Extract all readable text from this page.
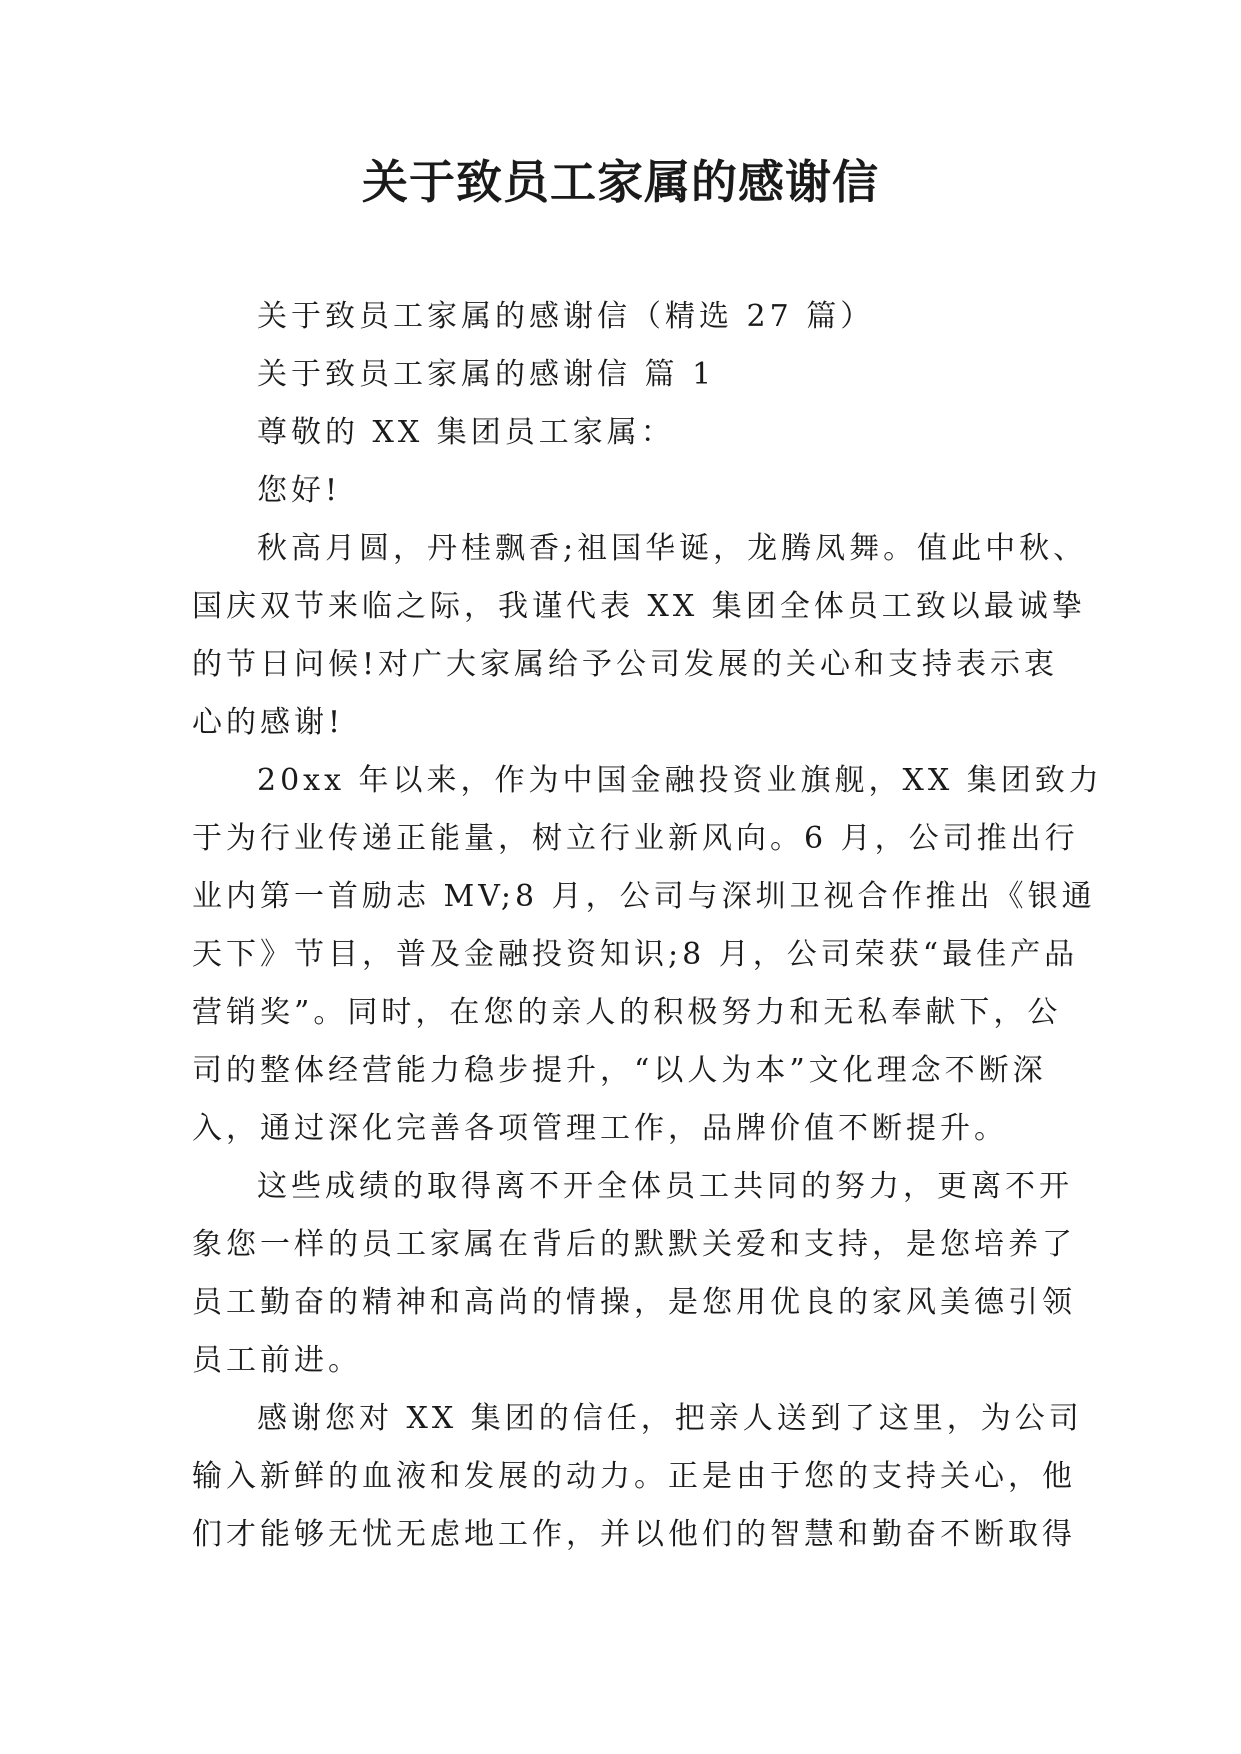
关于致员工家属的感谢信

关于致员工家属的感谢信（精选 27 篇）

关于致员工家属的感谢信 篇 1

尊敬的 XX 集团员工家属：

您好!

秋高月圆，丹桂飘香;祖国华诞，龙腾凤舞。值此中秋、

国庆双节来临之际，我谨代表 XX 集团全体员工致以最诚挚

的节日问候!对广大家属给予公司发展的关心和支持表示衷

心的感谢!

20xx 年以来，作为中国金融投资业旗舰，XX 集团致力

于为行业传递正能量，树立行业新风向。6 月，公司推出行

业内第一首励志 MV;8 月，公司与深圳卫视合作推出《银通

天下》节目，普及金融投资知识;8 月，公司荣获“最佳产品

营销奖”。同时，在您的亲人的积极努力和无私奉献下，公

司的整体经营能力稳步提升，“以人为本”文化理念不断深

入，通过深化完善各项管理工作，品牌价值不断提升。

这些成绩的取得离不开全体员工共同的努力，更离不开

象您一样的员工家属在背后的默默关爱和支持，是您培养了

员工勤奋的精神和高尚的情操，是您用优良的家风美德引领

员工前进。

感谢您对 XX 集团的信任，把亲人送到了这里，为公司

输入新鲜的血液和发展的动力。正是由于您的支持关心，他

们才能够无忧无虑地工作，并以他们的智慧和勤奋不断取得
